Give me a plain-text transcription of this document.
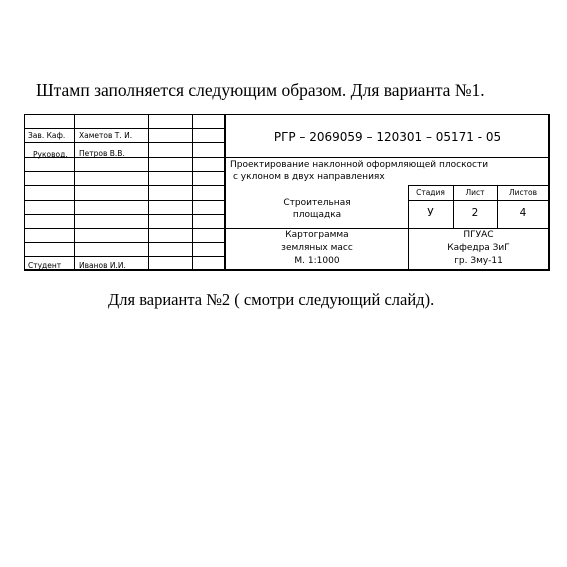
Штамп заполняется следующим образом. Для варианта №1.
Зав. Каф. Хаметов Т. И.
Руковод. Петров В.В.
Студент Иванов И.И.
РГР – 2069059 – 120301 – 05171 - 05
Проектирование наклонной оформляющей плоскости
с уклоном в двух направлениях
Строительная
площадка
Стадия	Лист	Листов
У	2	4
Картограмма
земляных масс
М. 1:1000
ПГУАС
Кафедра ЗиГ
гр. Змy-11
Для варианта №2 ( смотри следующий слайд).
